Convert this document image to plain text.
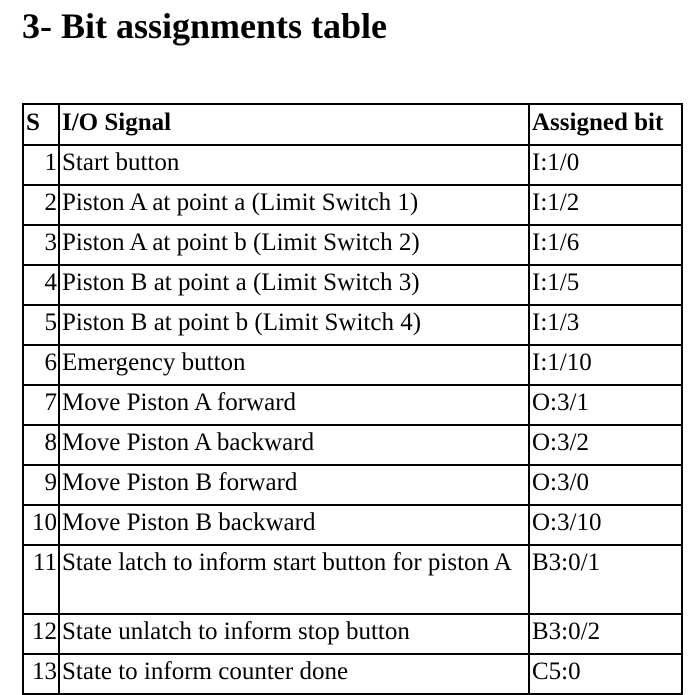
3- Bit assignments table
S	I/O Signal	Assigned bit
1	Start button	I:1/0
2	Piston A at point a (Limit Switch 1)	I:1/2
3	Piston A at point b (Limit Switch 2)	I:1/6
4	Piston B at point a (Limit Switch 3)	I:1/5
5	Piston B at point b (Limit Switch 4)	I:1/3
6	Emergency button	I:1/10
7	Move Piston A forward	O:3/1
8	Move Piston A backward	O:3/2
9	Move Piston B forward	O:3/0
10	Move Piston B backward	O:3/10
11	State latch to inform start button for piston A	B3:0/1
12	State unlatch to inform stop button	B3:0/2
13	State to inform counter done	C5:0
